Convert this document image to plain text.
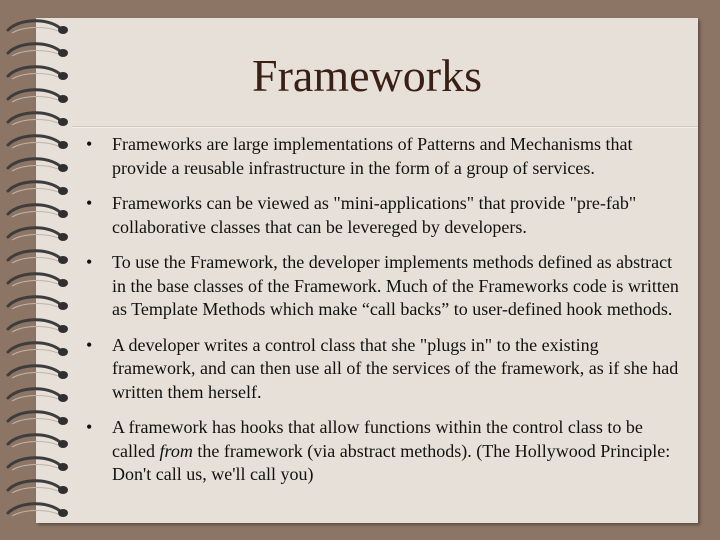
Frameworks
• Frameworks are large implementations of Patterns and Mechanisms that provide a reusable infrastructure in the form of a group of services.
• Frameworks can be viewed as "mini-applications" that provide "pre-fab" collaborative classes that can be levereged by developers.
• To use the Framework, the developer implements methods defined as abstract in the base classes of the Framework. Much of the Frameworks code is written as Template Methods which make “call backs” to user-defined hook methods.
• A developer writes a control class that she "plugs in" to the existing framework, and can then use all of the services of the framework, as if she had written them herself.
• A framework has hooks that allow functions within the control class to be called from the framework (via abstract methods). (The Hollywood Principle: Don't call us, we'll call you)
